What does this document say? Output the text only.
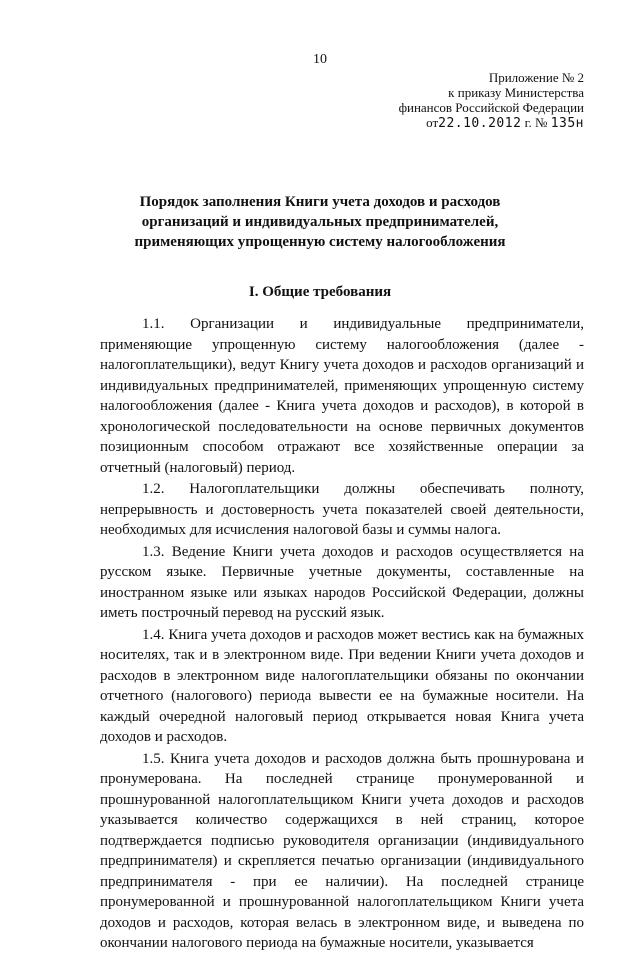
10
Приложение № 2
к приказу Министерства
финансов Российской Федерации
от22.10.2012 г. № 135н
Порядок заполнения Книги учета доходов и расходов организаций и индивидуальных предпринимателей, применяющих упрощенную систему налогообложения
I. Общие требования

1.1. Организации и индивидуальные предприниматели, применяющие упрощенную систему налогообложения (далее - налогоплательщики), ведут Книгу учета доходов и расходов организаций и индивидуальных предпринимателей, применяющих упрощенную систему налогообложения (далее - Книга учета доходов и расходов), в которой в хронологической последовательности на основе первичных документов позиционным способом отражают все хозяйственные операции за отчетный (налоговый) период.

1.2. Налогоплательщики должны обеспечивать полноту, непрерывность и достоверность учета показателей своей деятельности, необходимых для исчисления налоговой базы и суммы налога.

1.3. Ведение Книги учета доходов и расходов осуществляется на русском языке. Первичные учетные документы, составленные на иностранном языке или языках народов Российской Федерации, должны иметь построчный перевод на русский язык.

1.4. Книга учета доходов и расходов может вестись как на бумажных носителях, так и в электронном виде. При ведении Книги учета доходов и расходов в электронном виде налогоплательщики обязаны по окончании отчетного (налогового) периода вывести ее на бумажные носители. На каждый очередной налоговый период открывается новая Книга учета доходов и расходов.

1.5. Книга учета доходов и расходов должна быть прошнурована и пронумерована. На последней странице пронумерованной и прошнурованной налогоплательщиком Книги учета доходов и расходов указывается количество содержащихся в ней страниц, которое подтверждается подписью руководителя организации (индивидуального предпринимателя) и скрепляется печатью организации (индивидуального предпринимателя - при ее наличии). На последней странице пронумерованной и прошнурованной налогоплательщиком Книги учета доходов и расходов, которая велась в электронном виде, и выведена по окончании налогового периода на бумажные носители, указывается
